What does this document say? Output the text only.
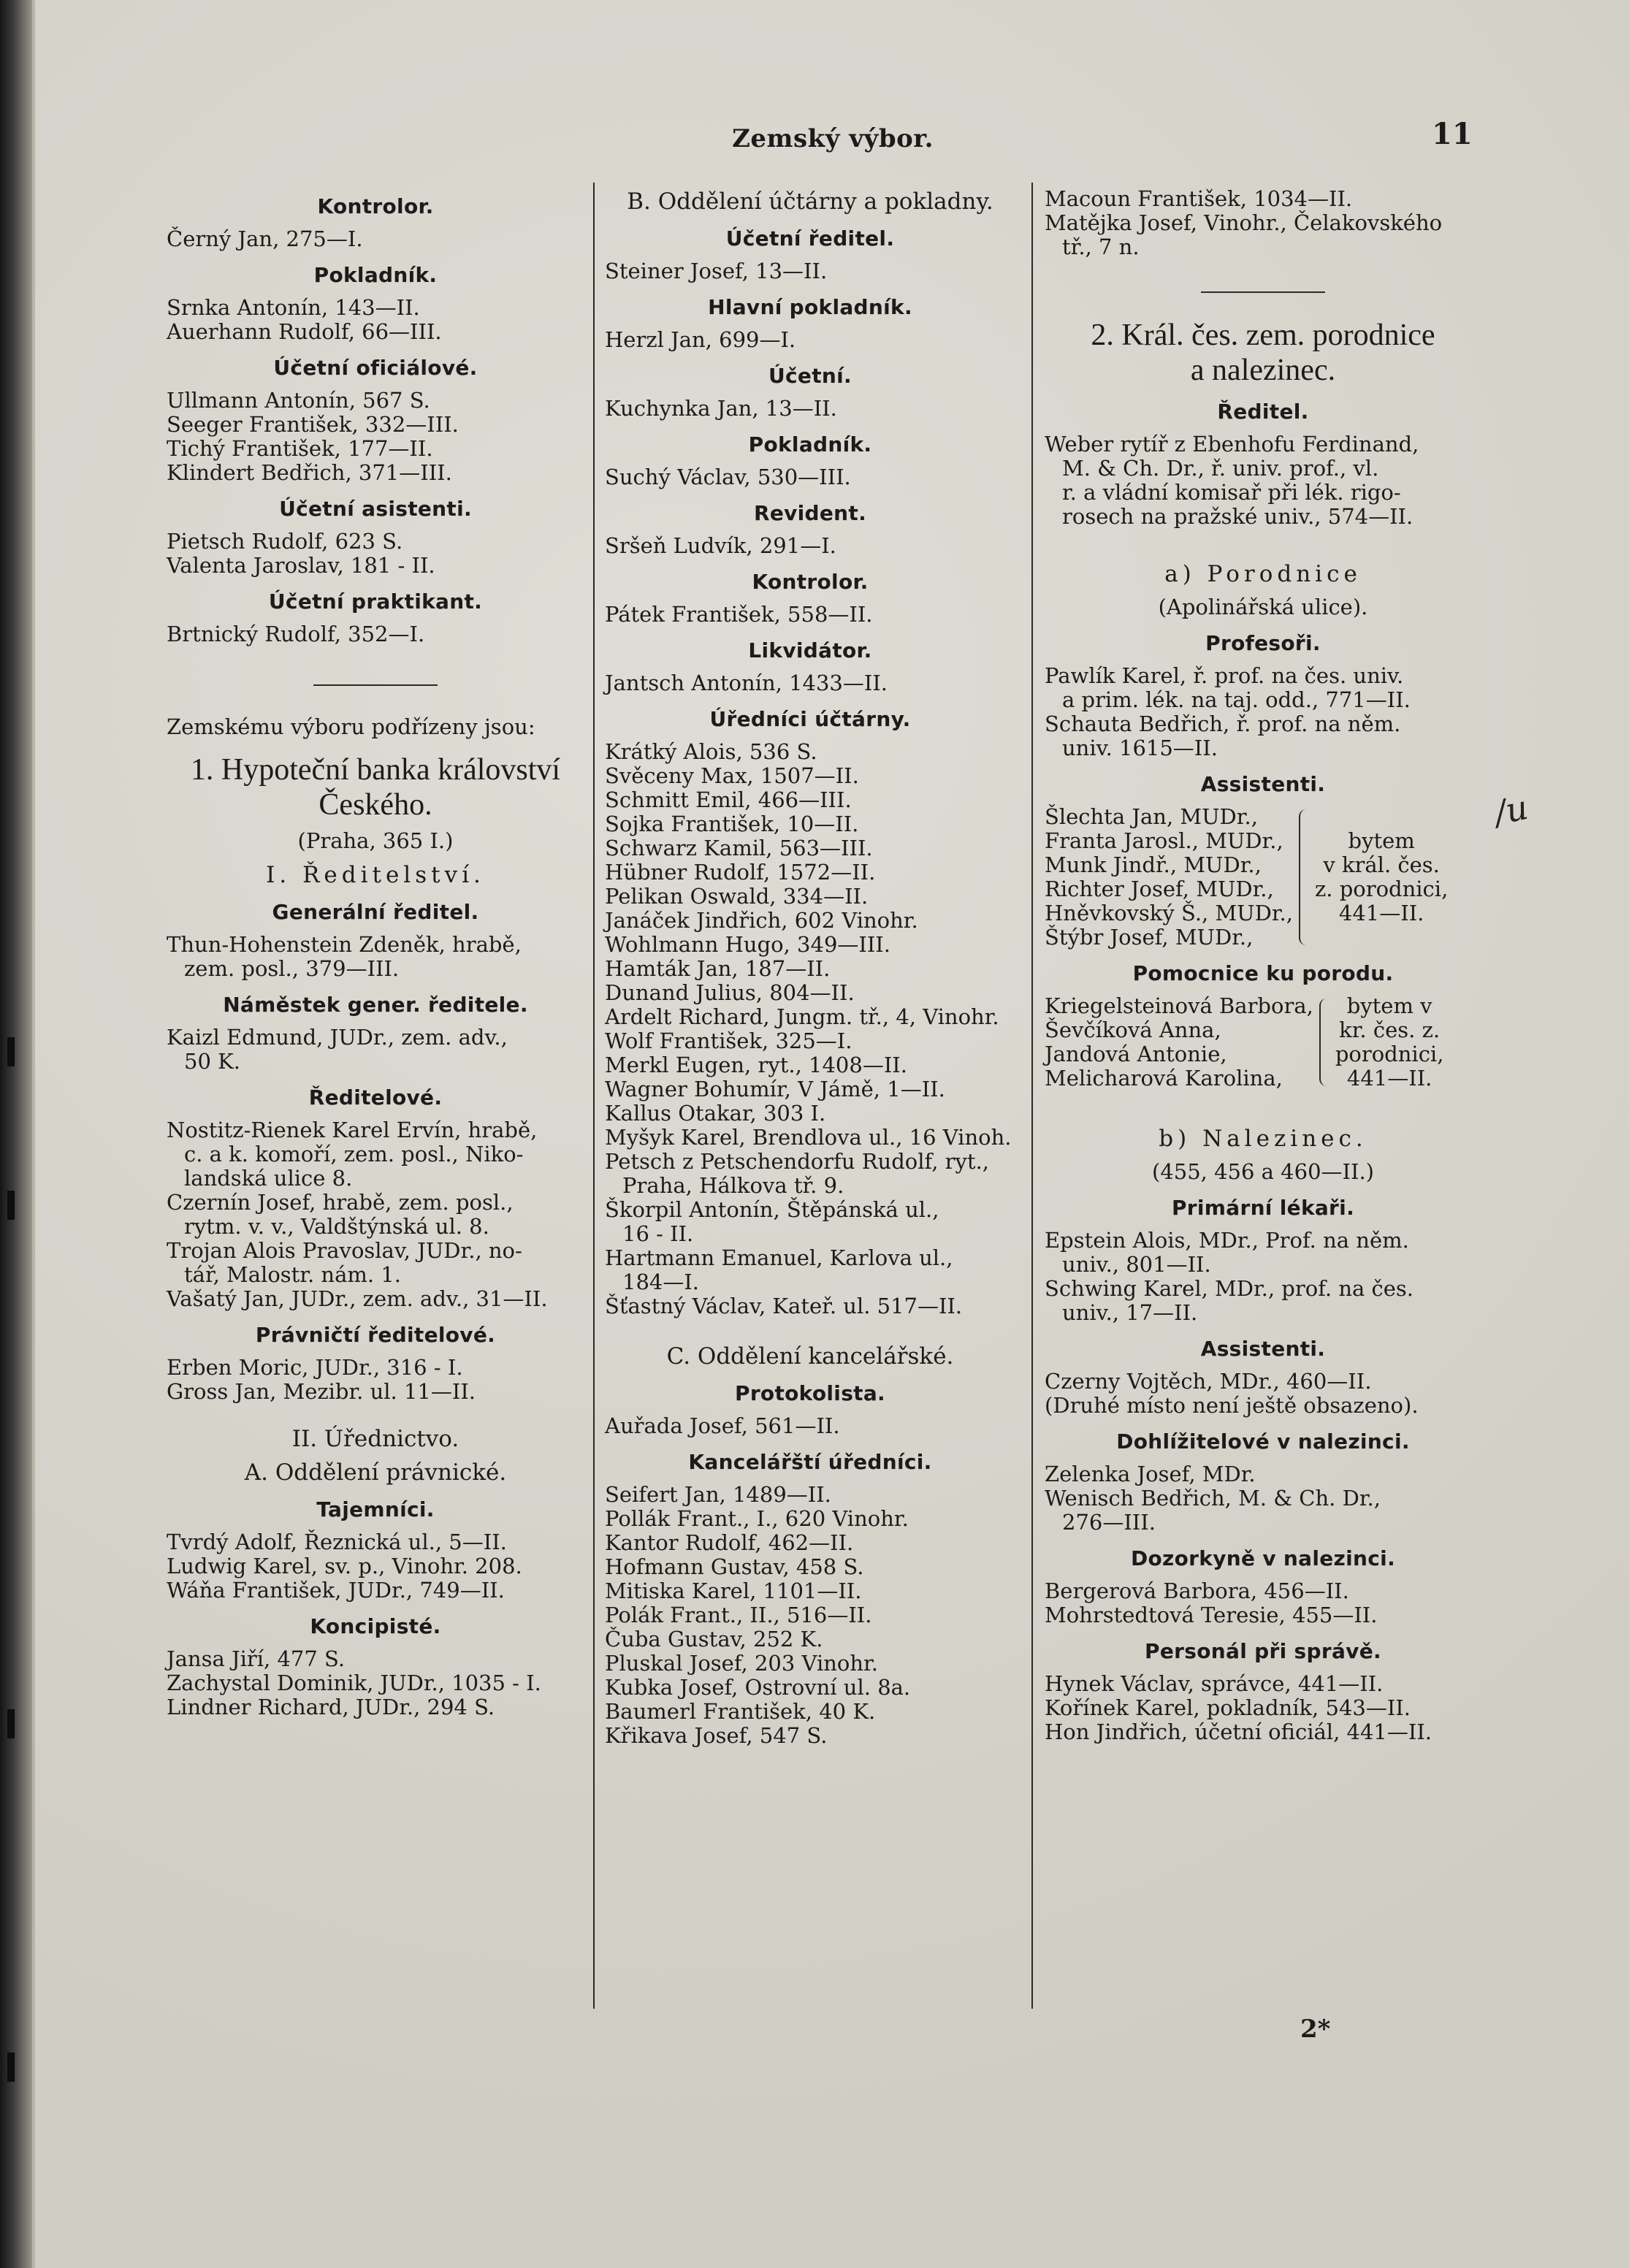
Zemský výbor.	11
Kontrolor.
Černý Jan, 275—I.
Pokladník.
Srnka Antonín, 143—II.
Auerhann Rudolf, 66—III.
Účetní oficiálové.
Ullmann Antonín, 567 S.
Seeger František, 332—III.
Tichý František, 177—II.
Klindert Bedřich, 371—III.
Účetní asistenti.
Pietsch Rudolf, 623 S.
Valenta Jaroslav, 181 - II.
Účetní praktikant.
Brtnický Rudolf, 352—I.
Zemskému výboru podřízeny jsou:
1. Hypoteční banka království
Českého.
(Praha, 365 I.)
I. Ředitelství.
Generální ředitel.
Thun-Hohenstein Zdeněk, hrabě,
zem. posl., 379—III.
Náměstek gener. ředitele.
Kaizl Edmund, JUDr., zem. adv.,
50 K.
Ředitelové.
Nostitz-Rienek Karel Ervín, hrabě,
c. a k. komoří, zem. posl., Niko-
landská ulice 8.
Czernín Josef, hrabě, zem. posl.,
rytm. v. v., Valdštýnská ul. 8.
Trojan Alois Pravoslav, JUDr., no-
tář, Malostr. nám. 1.
Vašatý Jan, JUDr., zem. adv., 31—II.
Právničtí ředitelové.
Erben Moric, JUDr., 316 - I.
Gross Jan, Mezibr. ul. 11—II.
II. Úřednictvo.
A. Oddělení právnické.
Tajemníci.
Tvrdý Adolf, Řeznická ul., 5—II.
Ludwig Karel, sv. p., Vinohr. 208.
Wáňa František, JUDr., 749—II.
Koncipisté.
Jansa Jiří, 477 S.
Zachystal Dominik, JUDr., 1035 - I.
Lindner Richard, JUDr., 294 S.
B. Oddělení účtárny a pokladny.
Účetní ředitel.
Steiner Josef, 13—II.
Hlavní pokladník.
Herzl Jan, 699—I.
Účetní.
Kuchynka Jan, 13—II.
Pokladník.
Suchý Václav, 530—III.
Revident.
Sršeň Ludvík, 291—I.
Kontrolor.
Pátek František, 558—II.
Likvidátor.
Jantsch Antonín, 1433—II.
Úředníci účtárny.
Krátký Alois, 536 S.
Svěceny Max, 1507—II.
Schmitt Emil, 466—III.
Sojka František, 10—II.
Schwarz Kamil, 563—III.
Hübner Rudolf, 1572—II.
Pelikan Oswald, 334—II.
Janáček Jindřich, 602 Vinohr.
Wohlmann Hugo, 349—III.
Hamták Jan, 187—II.
Dunand Julius, 804—II.
Ardelt Richard, Jungm. tř., 4, Vinohr.
Wolf František, 325—I.
Merkl Eugen, ryt., 1408—II.
Wagner Bohumír, V Jámě, 1—II.
Kallus Otakar, 303 I.
Myšyk Karel, Brendlova ul., 16 Vinoh.
Petsch z Petschendorfu Rudolf, ryt.,
Praha, Hálkova tř. 9.
Škorpil Antonín, Štěpánská ul.,
16 - II.
Hartmann Emanuel, Karlova ul.,
184—I.
Šťastný Václav, Kateř. ul. 517—II.
C. Oddělení kancelářské.
Protokolista.
Auřada Josef, 561—II.
Kancelářští úředníci.
Seifert Jan, 1489—II.
Pollák Frant., I., 620 Vinohr.
Kantor Rudolf, 462—II.
Hofmann Gustav, 458 S.
Mitiska Karel, 1101—II.
Polák Frant., II., 516—II.
Čuba Gustav, 252 K.
Pluskal Josef, 203 Vinohr.
Kubka Josef, Ostrovní ul. 8a.
Baumerl František, 40 K.
Křikava Josef, 547 S.
Macoun František, 1034—II.
Matějka Josef, Vinohr., Čelakovského
tř., 7 n.
2. Král. čes. zem. porodnice
a nalezinec.
Ředitel.
Weber rytíř z Ebenhofu Ferdinand,
M. & Ch. Dr., ř. univ. prof., vl.
r. a vládní komisař při lék. rigo-
rosech na pražské univ., 574—II.
a) Porodnice
(Apolinářská ulice).
Profesoři.
Pawlík Karel, ř. prof. na čes. univ.
a prim. lék. na taj. odd., 771—II.
Schauta Bedřich, ř. prof. na něm.
univ. 1615—II.
Assistenti.
Šlechta Jan, MUDr.,
Franta Jarosl., MUDr.,
Munk Jindř., MUDr.,
Richter Josef, MUDr.,
Hněvkovský Š., MUDr.,
Štýbr Josef, MUDr.,
bytem
v král. čes.
z. porodnici,
441—II.
Pomocnice ku porodu.
Kriegelsteinová Barbora,
Ševčíková Anna,
Jandová Antonie,
Melicharová Karolina,
bytem v
kr. čes. z.
porodnici,
441—II.
b) Nalezinec.
(455, 456 a 460—II.)
Primární lékaři.
Epstein Alois, MDr., Prof. na něm.
univ., 801—II.
Schwing Karel, MDr., prof. na čes.
univ., 17—II.
Assistenti.
Czerny Vojtěch, MDr., 460—II.
(Druhé místo není ještě obsazeno).
Dohlížitelové v nalezinci.
Zelenka Josef, MDr.
Wenisch Bedřich, M. & Ch. Dr.,
276—III.
Dozorkyně v nalezinci.
Bergerová Barbora, 456—II.
Mohrstedtová Teresie, 455—II.
Personál při správě.
Hynek Václav, správce, 441—II.
Kořínek Karel, pokladník, 543—II.
Hon Jindřich, účetní oficiál, 441—II.
/u
2*
